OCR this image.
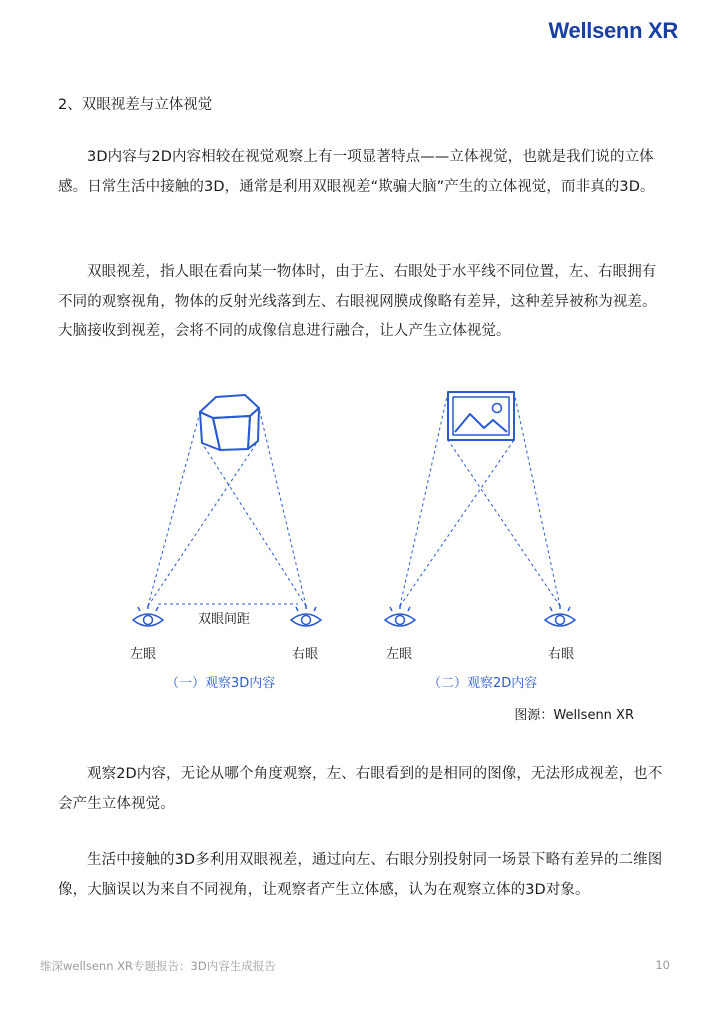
Wellsenn XR
2、双眼视差与立体视觉

3D内容与2D内容相较在视觉观察上有一项显著特点——立体视觉，也就是我们说的立体感。日常生活中接触的3D，通常是利用双眼视差“欺骗大脑”产生的立体视觉，而非真的3D。

双眼视差，指人眼在看向某一物体时，由于左、右眼处于水平线不同位置，左、右眼拥有不同的观察视角，物体的反射光线落到左、右眼视网膜成像略有差异，这种差异被称为视差。大脑接收到视差，会将不同的成像信息进行融合，让人产生立体视觉。

双眼间距
左眼	右眼
（一）观察3D内容
左眼	右眼
（二）观察2D内容
图源：Wellsenn XR

观察2D内容，无论从哪个角度观察，左、右眼看到的是相同的图像，无法形成视差，也不会产生立体视觉。

生活中接触的3D多利用双眼视差，通过向左、右眼分别投射同一场景下略有差异的二维图像，大脑误以为来自不同视角，让观察者产生立体感，认为在观察立体的3D对象。

维深wellsenn XR专题报告：3D内容生成报告	10
